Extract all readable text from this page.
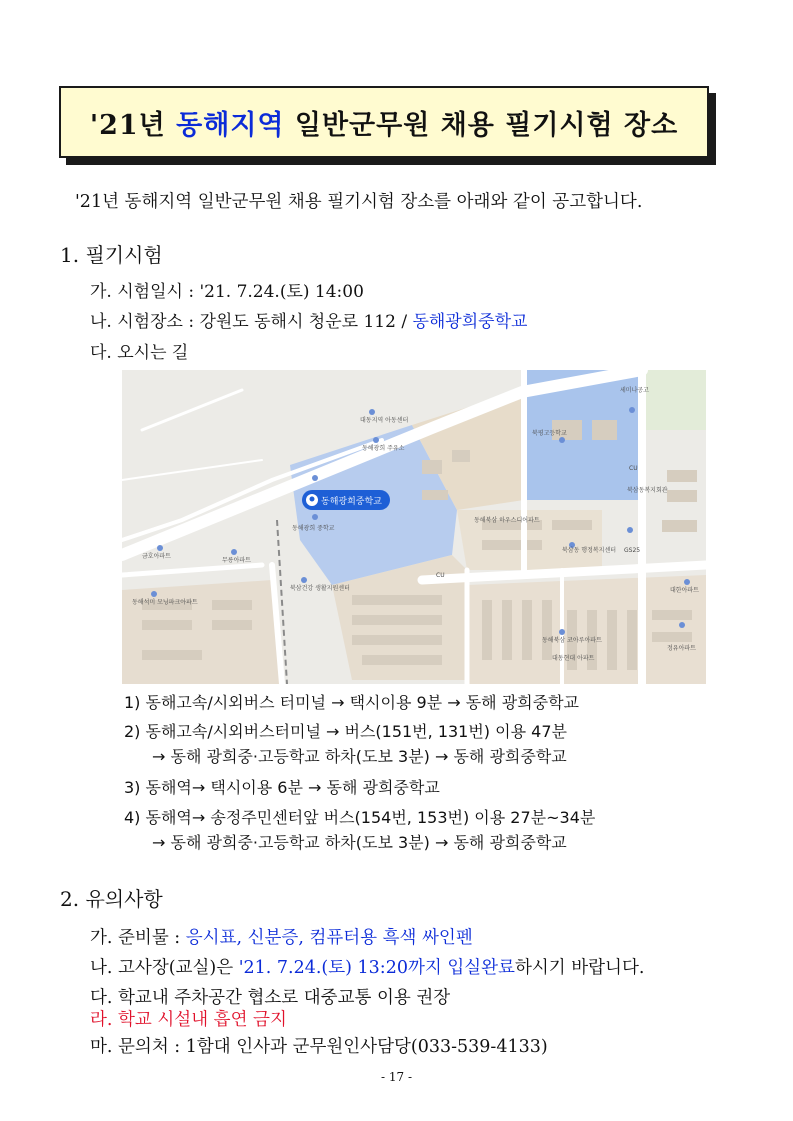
'21년
동해지역
일반군무원 채용 필기시험 장소
'21년 동해지역 일반군무원 채용 필기시험 장소를 아래와 같이 공고합니다.
1. 필기시험
가. 시험일시 : '21. 7.24.(토) 14:00
나. 시험장소 : 강원도 동해시 청운로 112 / 동해광희중학교
다. 오시는 길
동해광희중학교
대동지역 아동센터
동해광희 주유소
북평고등학교
세미나공고
CU
CU
GS25
동해북삼 하우스디어파트
북삼동 행정복지센터
북삼동복지회관
금호아파트
무릉아파트
동해석미 모닝파크아파트
북삼건강 생활지원센터
동해북삼 코아루아파트
대동현대 아파트
동해광희 중학교
정유아파트
대한아파트
1) 동해고속/시외버스 터미널 → 택시이용 9분 → 동해 광희중학교
2) 동해고속/시외버스터미널 → 버스(151번, 131번) 이용 47분
→ 동해 광희중·고등학교 하차(도보 3분) → 동해 광희중학교
3) 동해역→ 택시이용 6분 → 동해 광희중학교
4) 동해역→ 송정주민센터앞 버스(154번, 153번) 이용 27분~34분
→ 동해 광희중·고등학교 하차(도보 3분) → 동해 광희중학교
2. 유의사항
가. 준비물 : 응시표, 신분증, 컴퓨터용 흑색 싸인펜
나. 고사장(교실)은 '21. 7.24.(토) 13:20까지 입실완료하시기 바랍니다.
다. 학교내 주차공간 협소로 대중교통 이용 권장
라. 학교 시설내 흡연 금지
마. 문의처 : 1함대 인사과 군무원인사담당(033-539-4133)
- 17 -
